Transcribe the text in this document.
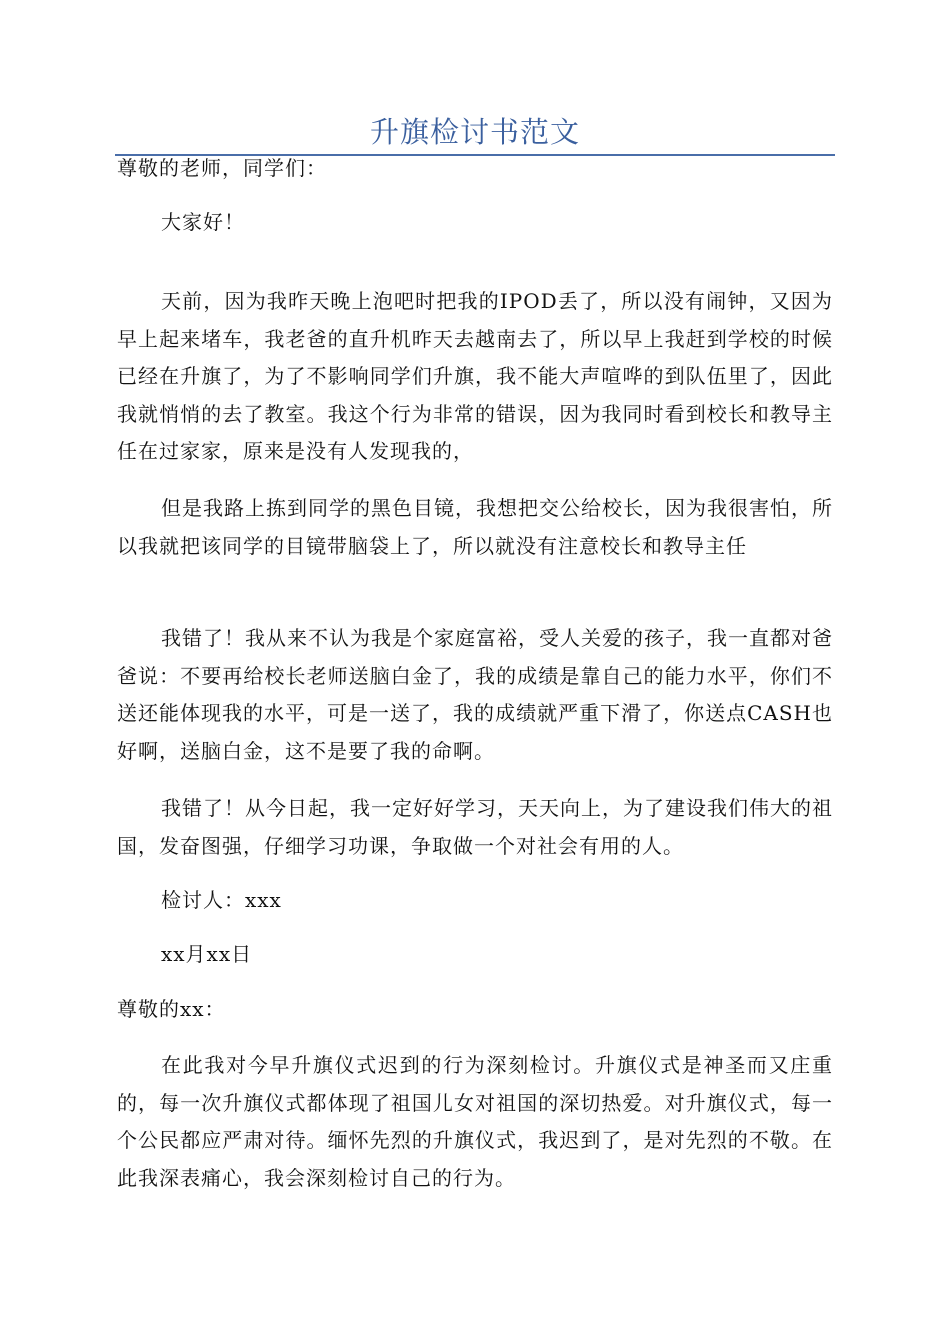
升旗检讨书范文

尊敬的老师，同学们：

大家好！

天前，因为我昨天晚上泡吧时把我的IPOD丢了，所以没有闹钟，又因为早上起来堵车，我老爸的直升机昨天去越南去了，所以早上我赶到学校的时候已经在升旗了，为了不影响同学们升旗，我不能大声喧哗的到队伍里了，因此我就悄悄的去了教室。我这个行为非常的错误，因为我同时看到校长和教导主任在过家家，原来是没有人发现我的，

但是我路上拣到同学的黑色目镜，我想把交公给校长，因为我很害怕，所以我就把该同学的目镜带脑袋上了，所以就没有注意校长和教导主任

我错了！我从来不认为我是个家庭富裕，受人关爱的孩子，我一直都对爸爸说：不要再给校长老师送脑白金了，我的成绩是靠自己的能力水平，你们不送还能体现我的水平，可是一送了，我的成绩就严重下滑了，你送点CASH也好啊，送脑白金，这不是要了我的命啊。

我错了！从今日起，我一定好好学习，天天向上，为了建设我们伟大的祖国，发奋图强，仔细学习功课，争取做一个对社会有用的人。

检讨人：xxx

xx月xx日

尊敬的xx：

在此我对今早升旗仪式迟到的行为深刻检讨。升旗仪式是神圣而又庄重的，每一次升旗仪式都体现了祖国儿女对祖国的深切热爱。对升旗仪式，每一个公民都应严肃对待。缅怀先烈的升旗仪式，我迟到了，是对先烈的不敬。在此我深表痛心，我会深刻检讨自己的行为。
